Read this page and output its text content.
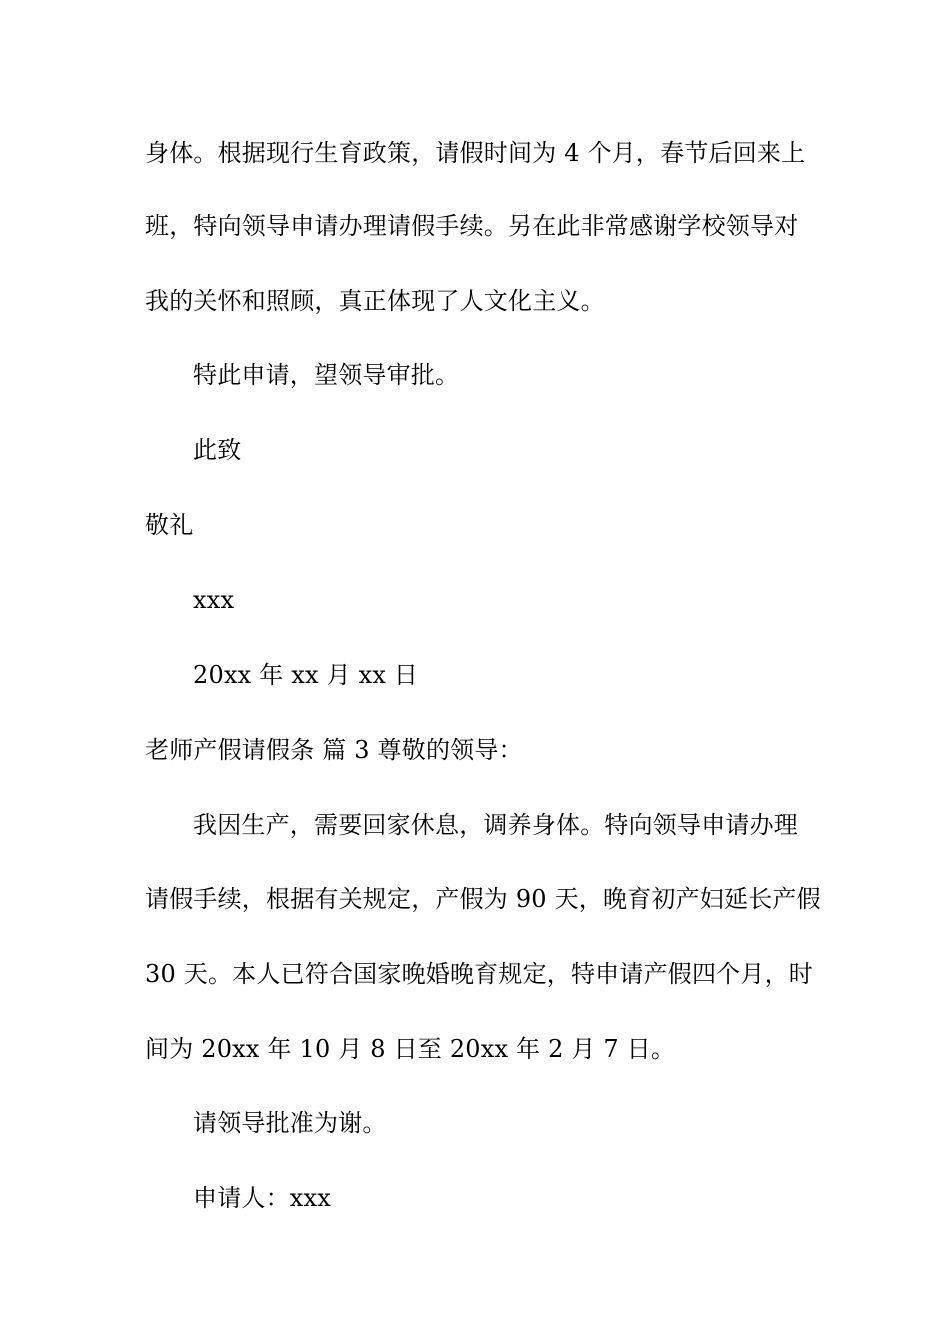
身体。根据现行生育政策，请假时间为 4 个月，春节后回来上
班，特向领导申请办理请假手续。另在此非常感谢学校领导对
我的关怀和照顾，真正体现了人文化主义。
特此申请，望领导审批。
此致
敬礼
xxx
20xx 年 xx 月 xx 日
老师产假请假条 篇 3 尊敬的领导：
我因生产，需要回家休息，调养身体。特向领导申请办理
请假手续，根据有关规定，产假为 90 天，晚育初产妇延长产假
30 天。本人已符合国家晚婚晚育规定，特申请产假四个月，时
间为 20xx 年 10 月 8 日至 20xx 年 2 月 7 日。
请领导批准为谢。
申请人：xxx
